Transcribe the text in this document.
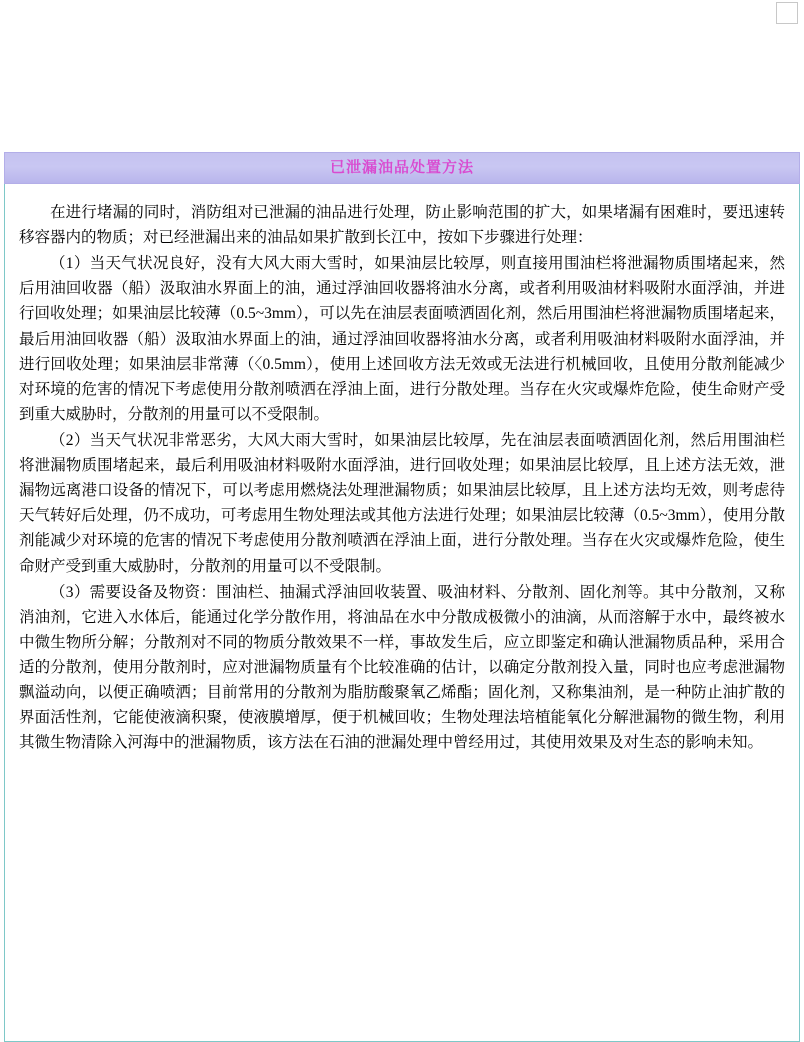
已泄漏油品处置方法

在进行堵漏的同时，消防组对已泄漏的油品进行处理，防止影响范围的扩大，如果堵漏有困难时，要迅速转移容器内的物质；对已经泄漏出来的油品如果扩散到长江中，按如下步骤进行处理：

（1）当天气状况良好，没有大风大雨大雪时，如果油层比较厚，则直接用围油栏将泄漏物质围堵起来，然后用油回收器（船）汲取油水界面上的油，通过浮油回收器将油水分离，或者利用吸油材料吸附水面浮油，并进行回收处理；如果油层比较薄（0.5~3mm），可以先在油层表面喷洒固化剂，然后用围油栏将泄漏物质围堵起来，最后用油回收器（船）汲取油水界面上的油，通过浮油回收器将油水分离，或者利用吸油材料吸附水面浮油，并进行回收处理；如果油层非常薄（〈0.5mm），使用上述回收方法无效或无法进行机械回收，且使用分散剂能减少对环境的危害的情况下考虑使用分散剂喷洒在浮油上面，进行分散处理。当存在火灾或爆炸危险，使生命财产受到重大威胁时，分散剂的用量可以不受限制。

（2）当天气状况非常恶劣，大风大雨大雪时，如果油层比较厚，先在油层表面喷洒固化剂，然后用围油栏将泄漏物质围堵起来，最后利用吸油材料吸附水面浮油，进行回收处理；如果油层比较厚，且上述方法无效，泄漏物远离港口设备的情况下，可以考虑用燃烧法处理泄漏物质；如果油层比较厚，且上述方法均无效，则考虑待天气转好后处理，仍不成功，可考虑用生物处理法或其他方法进行处理；如果油层比较薄（0.5~3mm），使用分散剂能减少对环境的危害的情况下考虑使用分散剂喷洒在浮油上面，进行分散处理。当存在火灾或爆炸危险，使生命财产受到重大威胁时，分散剂的用量可以不受限制。

（3）需要设备及物资：围油栏、抽漏式浮油回收装置、吸油材料、分散剂、固化剂等。其中分散剂，又称消油剂，它进入水体后，能通过化学分散作用，将油品在水中分散成极微小的油滴，从而溶解于水中，最终被水中微生物所分解；分散剂对不同的物质分散效果不一样，事故发生后，应立即鉴定和确认泄漏物质品种，采用合适的分散剂，使用分散剂时，应对泄漏物质量有个比较准确的估计，以确定分散剂投入量，同时也应考虑泄漏物飘溢动向，以便正确喷洒；目前常用的分散剂为脂肪酸聚氧乙烯酯；固化剂，又称集油剂，是一种防止油扩散的界面活性剂，它能使液滴积聚，使液膜增厚，便于机械回收；生物处理法培植能氧化分解泄漏物的微生物，利用其微生物清除入河海中的泄漏物质，该方法在石油的泄漏处理中曾经用过，其使用效果及对生态的影响未知。
